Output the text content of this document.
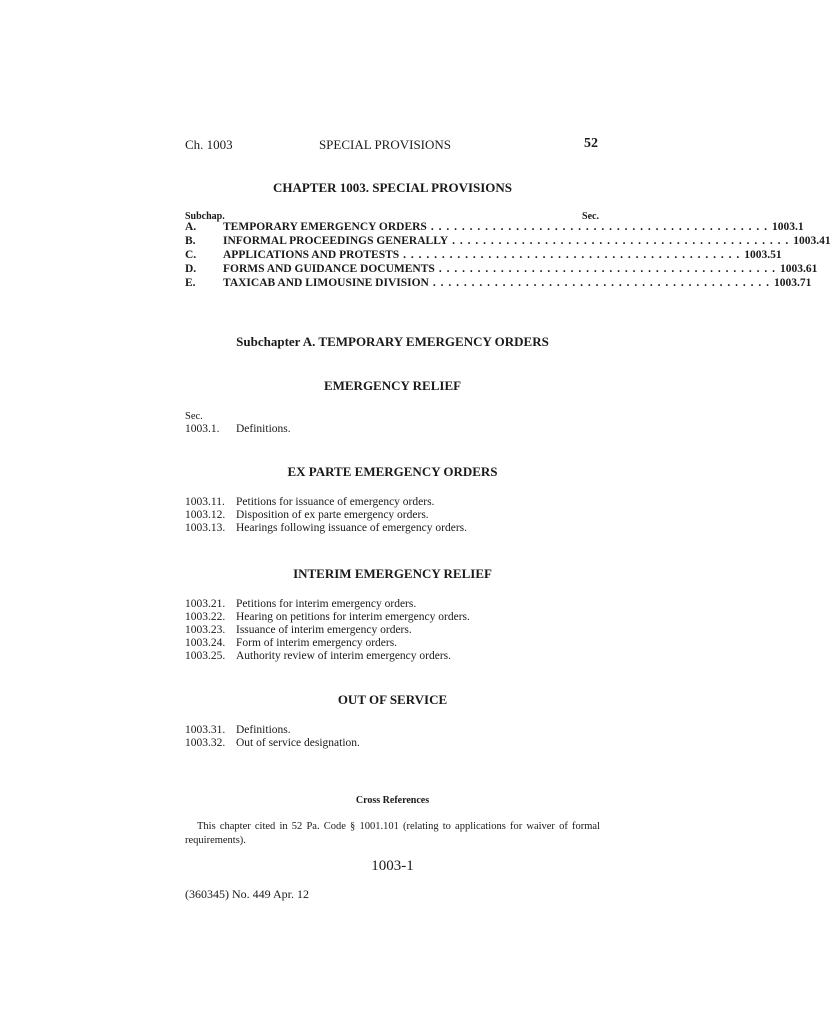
Ch. 1003	SPECIAL PROVISIONS	52
CHAPTER 1003. SPECIAL PROVISIONS
Subchap.	Sec.
A.	TEMPORARY EMERGENCY ORDERS . . . . . . . . . . . . . . . . . . . . . . . . . . . . . . . . . . . . . . . . . . . . 1003.1
B.	INFORMAL PROCEEDINGS GENERALLY . . . . . . . . . . . . . . . . . . . . . . . . . . . . . . . . . . . . . . . . . . . . 1003.41
C.	APPLICATIONS AND PROTESTS . . . . . . . . . . . . . . . . . . . . . . . . . . . . . . . . . . . . . . . . . . . . 1003.51
D.	FORMS AND GUIDANCE DOCUMENTS . . . . . . . . . . . . . . . . . . . . . . . . . . . . . . . . . . . . . . . . . . . . 1003.61
E.	TAXICAB AND LIMOUSINE DIVISION . . . . . . . . . . . . . . . . . . . . . . . . . . . . . . . . . . . . . . . . . . . . 1003.71
Subchapter A. TEMPORARY EMERGENCY ORDERS
EMERGENCY RELIEF
Sec.
1003.1.	Definitions.
EX PARTE EMERGENCY ORDERS
1003.11. Petitions for issuance of emergency orders.
1003.12. Disposition of ex parte emergency orders.
1003.13. Hearings following issuance of emergency orders.
INTERIM EMERGENCY RELIEF
1003.21. Petitions for interim emergency orders.
1003.22. Hearing on petitions for interim emergency orders.
1003.23. Issuance of interim emergency orders.
1003.24. Form of interim emergency orders.
1003.25. Authority review of interim emergency orders.
OUT OF SERVICE
1003.31. Definitions.
1003.32. Out of service designation.
Cross References
This chapter cited in 52 Pa. Code § 1001.101 (relating to applications for waiver of formal requirements).
1003-1
(360345) No. 449 Apr. 12
